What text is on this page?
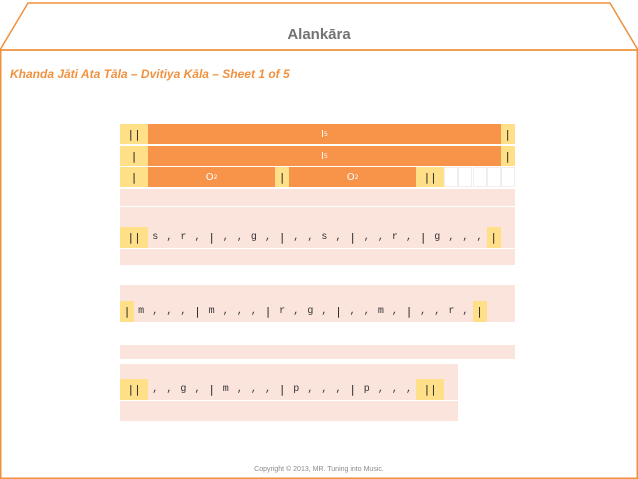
Alankāra
Khanda Jāti Ata Tāla – Dvitiya Kāla – Sheet 1 of 5
||	I 5	|
|	I 5	|
|	O 2	|	O 2	||
||	s , r , | , , g , | , , s , | , , r , | g , , , |
| m , , , | m , , , | r , g , | , , m , | , , r , |
||	, , g , | m , , , | p , , , | p , , ,	||
Copyright © 2013, MR. Tuning into Music.
